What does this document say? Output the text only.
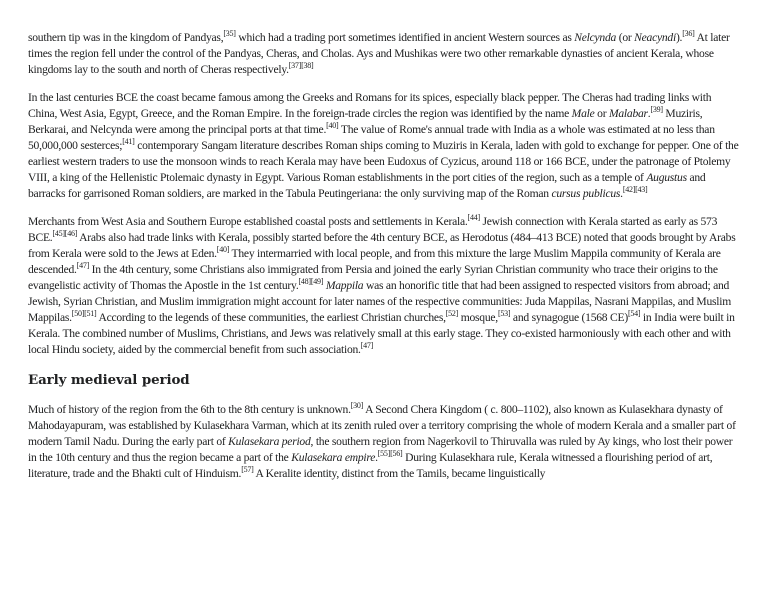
southern tip was in the kingdom of Pandyas,[35] which had a trading port sometimes identified in ancient Western sources as Nelcynda (or Neacyndi).[36] At later times the region fell under the control of the Pandyas, Cheras, and Cholas. Ays and Mushikas were two other remarkable dynasties of ancient Kerala, whose kingdoms lay to the south and north of Cheras respectively.[37][38]

In the last centuries BCE the coast became famous among the Greeks and Romans for its spices, especially black pepper. The Cheras had trading links with China, West Asia, Egypt, Greece, and the Roman Empire. In the foreign-trade circles the region was identified by the name Male or Malabar.[39] Muziris, Berkarai, and Nelcynda were among the principal ports at that time.[40] The value of Rome's annual trade with India as a whole was estimated at no less than 50,000,000 sesterces;[41] contemporary Sangam literature describes Roman ships coming to Muziris in Kerala, laden with gold to exchange for pepper. One of the earliest western traders to use the monsoon winds to reach Kerala may have been Eudoxus of Cyzicus, around 118 or 166 BCE, under the patronage of Ptolemy VIII, a king of the Hellenistic Ptolemaic dynasty in Egypt. Various Roman establishments in the port cities of the region, such as a temple of Augustus and barracks for garrisoned Roman soldiers, are marked in the Tabula Peutingeriana: the only surviving map of the Roman cursus publicus.[42][43]

Merchants from West Asia and Southern Europe established coastal posts and settlements in Kerala.[44] Jewish connection with Kerala started as early as 573 BCE.[45][46] Arabs also had trade links with Kerala, possibly started before the 4th century BCE, as Herodotus (484–413 BCE) noted that goods brought by Arabs from Kerala were sold to the Jews at Eden.[40] They intermarried with local people, and from this mixture the large Muslim Mappila community of Kerala are descended.[47] In the 4th century, some Christians also immigrated from Persia and joined the early Syrian Christian community who trace their origins to the evangelistic activity of Thomas the Apostle in the 1st century.[48][49] Mappila was an honorific title that had been assigned to respected visitors from abroad; and Jewish, Syrian Christian, and Muslim immigration might account for later names of the respective communities: Juda Mappilas, Nasrani Mappilas, and Muslim Mappilas.[50][51] According to the legends of these communities, the earliest Christian churches,[52] mosque,[53] and synagogue (1568 CE)[54] in India were built in Kerala. The combined number of Muslims, Christians, and Jews was relatively small at this early stage. They co-existed harmoniously with each other and with local Hindu society, aided by the commercial benefit from such association.[47]

Early medieval period

Much of history of the region from the 6th to the 8th century is unknown.[30] A Second Chera Kingdom ( c. 800–1102), also known as Kulasekhara dynasty of Mahodayapuram, was established by Kulasekhara Varman, which at its zenith ruled over a territory comprising the whole of modern Kerala and a smaller part of modern Tamil Nadu. During the early part of Kulasekara period, the southern region from Nagerkovil to Thiruvalla was ruled by Ay kings, who lost their power in the 10th century and thus the region became a part of the Kulasekara empire.[55][56] During Kulasekhara rule, Kerala witnessed a flourishing period of art, literature, trade and the Bhakti cult of Hinduism.[57] A Keralite identity, distinct from the Tamils, became linguistically
